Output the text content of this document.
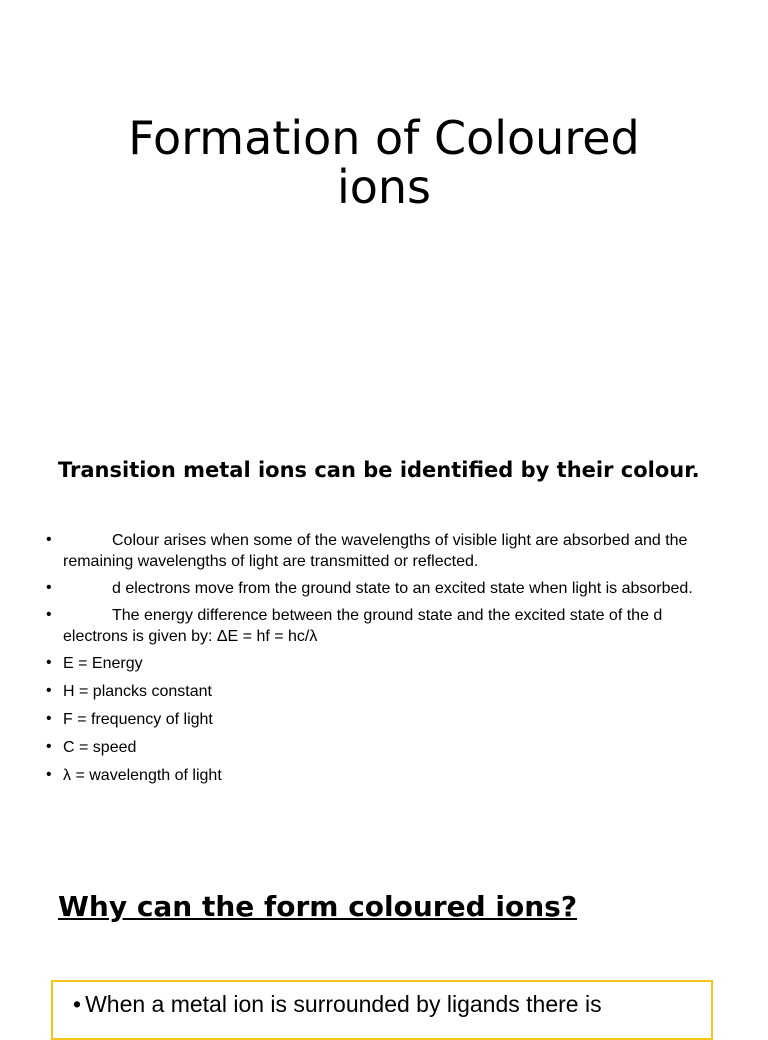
Formation of Coloured
ions
Transition metal ions can be identified by their colour.
•	Colour arises when some of the wavelengths of visible light are absorbed and the remaining wavelengths of light are transmitted or reflected.
•	d electrons move from the ground state to an excited state when light is absorbed.
•	The energy difference between the ground state and the excited state of the d electrons is given by: ΔE = hf = hc/λ
• E = Energy
• H = plancks constant
• F = frequency of light
• C = speed
• λ = wavelength of light
Why can the form coloured ions?

• When a metal ion is surrounded by ligands there is
